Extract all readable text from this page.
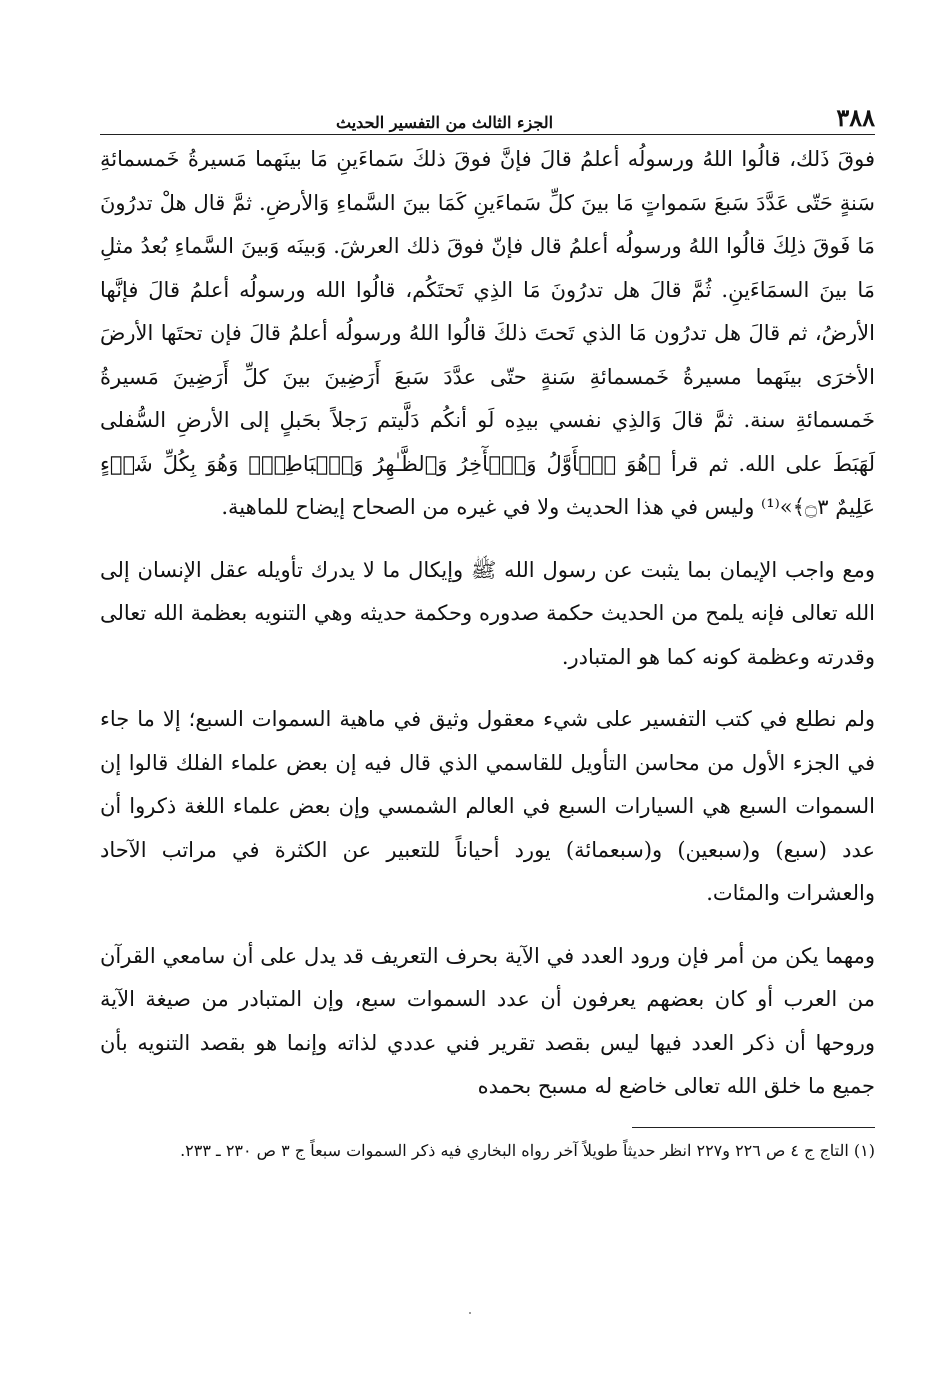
٣٨٨
الجزء الثالث من التفسير الحديث

فوقَ ذَلك، قالُوا اللهُ ورسولُه أعلمُ قالَ فإنَّ فوقَ ذلكَ سَماءَينِ مَا بينَهما مَسيرةُ خَمسمائةِ سَنةٍ حَتّى عَدَّدَ سَبعَ سَمواتٍ مَا بينَ كلِّ سَماءَينِ كَمَا بينَ السَّماءِ وَالأرضِ. ثمَّ قال هلْ تدرُونَ مَا فَوقَ ذلِكَ قالُوا اللهُ ورسولُه أعلمُ قال فإنّ فوقَ ذلك العرشَ. وَبينَه وَبينَ السَّماءِ بُعدُ مثلِ مَا بينَ السمَاءَينِ. ثُمَّ قالَ هل تدرُونَ مَا الذِي تَحتَكُم، قالُوا الله ورسولُه أعلمُ قالَ فإنَّها الأرضُ، ثم قالَ هل تدرُون مَا الذي تَحتَ ذلكَ قالُوا اللهُ ورسولُه أعلمُ قالَ فإن تحتَها الأرضَ الأخرَى بينَهما مسيرةُ خَمسمائةِ سَنةٍ حتّى عدَّدَ سَبعَ أَرَضِينَ بينَ كلِّ أَرَضِينَ مَسيرةُ خَمسمائةِ سنة. ثمَّ قالَ وَالذِي نفسي بيدِه لَو أنكُم دَلَّيتم رَجلاً بحَبلٍ إلى الأرضِ السُّفلى لَهَبَطَ على الله. ثم قرأ ﴿هُوَ ٱلۡأَوَّلُ وَٱلۡأٓخِرُ وَٱلظَّـٰهِرُ وَٱلۡبَاطِنُۖ وَهُوَ بِكُلِّ شَيۡءٍ عَلِيمٌ ۝٣﴾»⁽¹⁾ وليس في هذا الحديث ولا في غيره من الصحاح إيضاح للماهية.

ومع واجب الإيمان بما يثبت عن رسول الله ﷺ وإيكال ما لا يدرك تأويله عقل الإنسان إلى الله تعالى فإنه يلمح من الحديث حكمة صدوره وحكمة حديثه وهي التنويه بعظمة الله تعالى وقدرته وعظمة كونه كما هو المتبادر.

ولم نطلع في كتب التفسير على شيء معقول وثيق في ماهية السموات السبع؛ إلا ما جاء في الجزء الأول من محاسن التأويل للقاسمي الذي قال فيه إن بعض علماء الفلك قالوا إن السموات السبع هي السيارات السبع في العالم الشمسي وإن بعض علماء اللغة ذكروا أن عدد (سبع) و(سبعين) و(سبعمائة) يورد أحياناً للتعبير عن الكثرة في مراتب الآحاد والعشرات والمئات.

ومهما يكن من أمر فإن ورود العدد في الآية بحرف التعريف قد يدل على أن سامعي القرآن من العرب أو كان بعضهم يعرفون أن عدد السموات سبع، وإن المتبادر من صيغة الآية وروحها أن ذكر العدد فيها ليس بقصد تقرير فني عددي لذاته وإنما هو بقصد التنويه بأن جميع ما خلق الله تعالى خاضع له مسبح بحمده

(١) التاج ج ٤ ص ٢٢٦ و٢٢٧ انظر حديثاً طويلاً آخر رواه البخاري فيه ذكر السموات سبعاً ج ٣ ص ٢٣٠ ـ ٢٣٣.
